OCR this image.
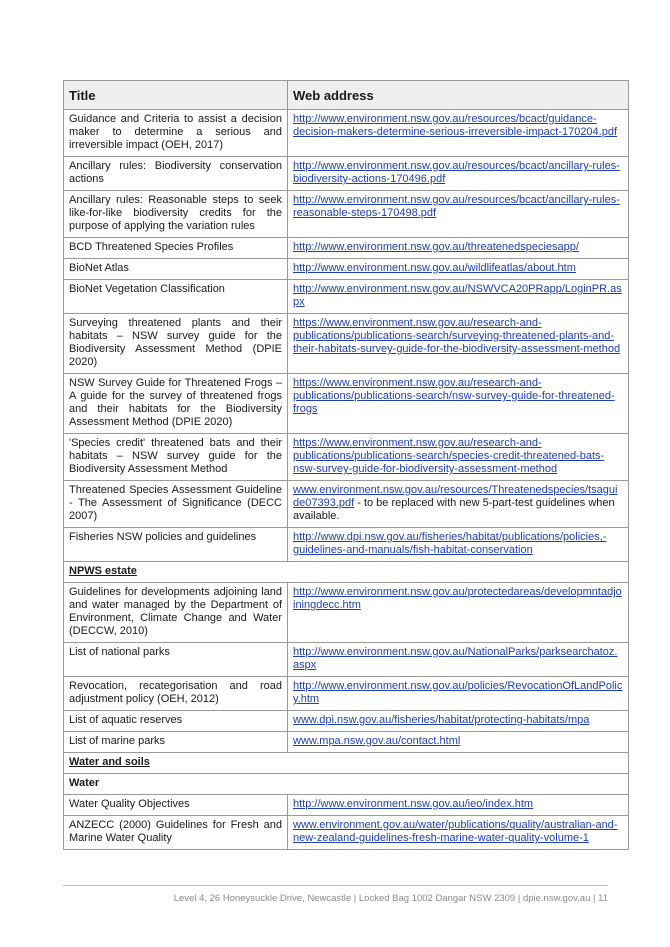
Title	Web address
Guidance and Criteria to assist a decision maker to determine a serious and irreversible impact (OEH, 2017)	http://www.environment.nsw.gov.au/resources/bcact/guidance-decision-makers-determine-serious-irreversible-impact-170204.pdf
Ancillary rules: Biodiversity conservation actions	http://www.environment.nsw.gov.au/resources/bcact/ancillary-rules-biodiversity-actions-170496.pdf
Ancillary rules: Reasonable steps to seek like-for-like biodiversity credits for the purpose of applying the variation rules	http://www.environment.nsw.gov.au/resources/bcact/ancillary-rules-reasonable-steps-170498.pdf
BCD Threatened Species Profiles	http://www.environment.nsw.gov.au/threatenedspeciesapp/
BioNet Atlas	http://www.environment.nsw.gov.au/wildlifeatlas/about.htm
BioNet Vegetation Classification	http://www.environment.nsw.gov.au/NSWVCA20PRapp/LoginPR.aspx
Surveying threatened plants and their habitats – NSW survey guide for the Biodiversity Assessment Method (DPIE 2020)	https://www.environment.nsw.gov.au/research-and-publications/publications-search/surveying-threatened-plants-and-their-habitats-survey-guide-for-the-biodiversity-assessment-method
NSW Survey Guide for Threatened Frogs – A guide for the survey of threatened frogs and their habitats for the Biodiversity Assessment Method (DPIE 2020)	https://www.environment.nsw.gov.au/research-and-publications/publications-search/nsw-survey-guide-for-threatened-frogs
'Species credit' threatened bats and their habitats – NSW survey guide for the Biodiversity Assessment Method	https://www.environment.nsw.gov.au/research-and-publications/publications-search/species-credit-threatened-bats-nsw-survey-guide-for-biodiversity-assessment-method
Threatened Species Assessment Guideline - The Assessment of Significance (DECC 2007)	www.environment.nsw.gov.au/resources/Threatenedspecies/tsaguide07393.pdf - to be replaced with new 5-part-test guidelines when available.
Fisheries NSW policies and guidelines	http://www.dpi.nsw.gov.au/fisheries/habitat/publications/policies,-guidelines-and-manuals/fish-habitat-conservation
NPWS estate	
Guidelines for developments adjoining land and water managed by the Department of Environment, Climate Change and Water (DECCW, 2010)	http://www.environment.nsw.gov.au/protectedareas/developmntadjoiningdecc.htm
List of national parks	http://www.environment.nsw.gov.au/NationalParks/parksearchatoz.aspx
Revocation, recategorisation and road adjustment policy (OEH, 2012)	http://www.environment.nsw.gov.au/policies/RevocationOfLandPolicy.htm
List of aquatic reserves	www.dpi.nsw.gov.au/fisheries/habitat/protecting-habitats/mpa
List of marine parks	www.mpa.nsw.gov.au/contact.html
Water and soils	
Water	
Water Quality Objectives	http://www.environment.nsw.gov.au/ieo/index.htm
ANZECC (2000) Guidelines for Fresh and Marine Water Quality	www.environment.gov.au/water/publications/quality/australian-and-new-zealand-guidelines-fresh-marine-water-quality-volume-1
Level 4, 26 Honeysuckle Drive, Newcastle | Locked Bag 1002 Dangar NSW 2309 | dpie.nsw.gov.au | 11
